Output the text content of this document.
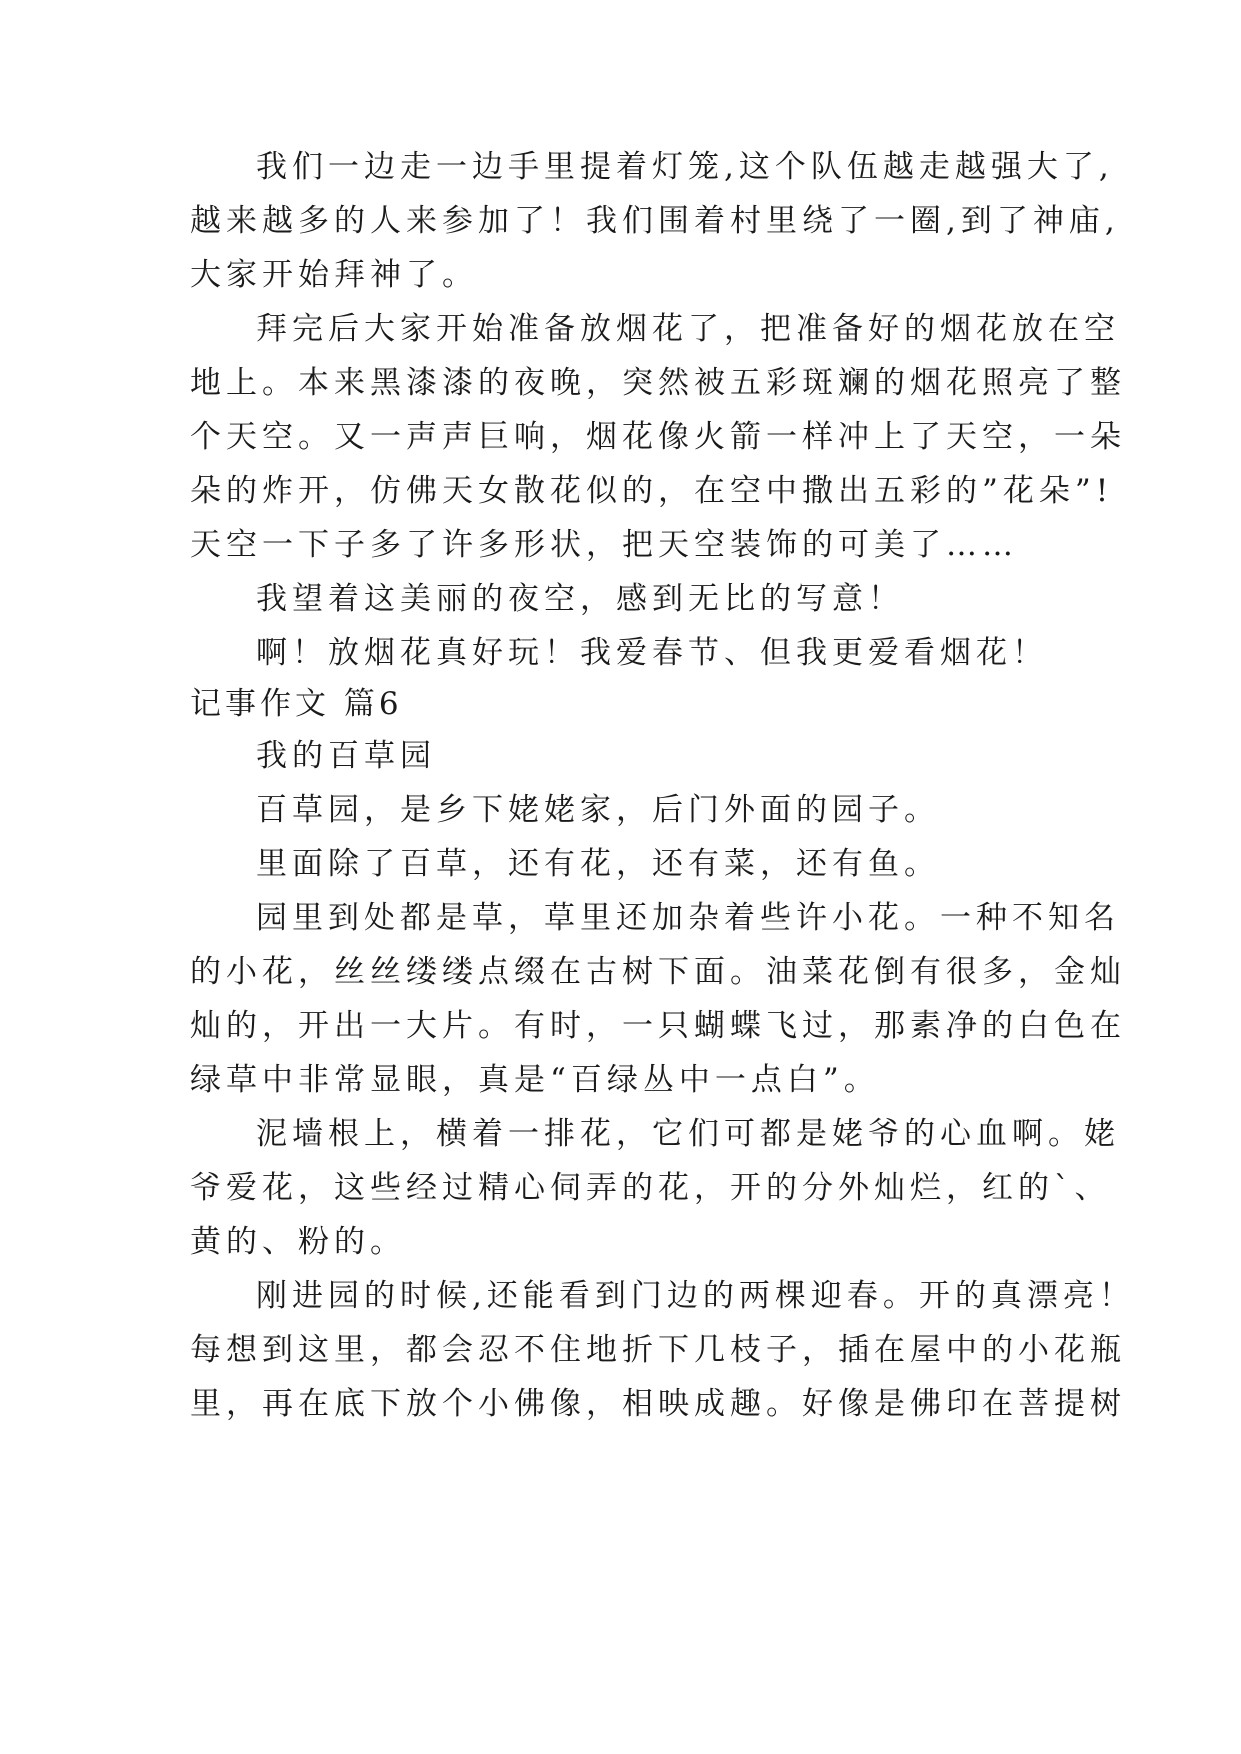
我们一边走一边手里提着灯笼,这个队伍越走越强大了,
越来越多的人来参加了！我们围着村里绕了一圈,到了神庙,
大家开始拜神了。
拜完后大家开始准备放烟花了，把准备好的烟花放在空
地上。本来黑漆漆的夜晚，突然被五彩斑斓的烟花照亮了整
个天空。又一声声巨响，烟花像火箭一样冲上了天空，一朵
朵的炸开，仿佛天女散花似的，在空中撒出五彩的”花朵”!
天空一下子多了许多形状，把天空装饰的可美了……
我望着这美丽的夜空，感到无比的写意！
啊！放烟花真好玩！我爱春节、但我更爱看烟花！
记事作文 篇6
我的百草园
百草园，是乡下姥姥家，后门外面的园子。
里面除了百草，还有花，还有菜，还有鱼。
园里到处都是草，草里还加杂着些许小花。一种不知名
的小花，丝丝缕缕点缀在古树下面。油菜花倒有很多，金灿
灿的，开出一大片。有时，一只蝴蝶飞过，那素净的白色在
绿草中非常显眼，真是“百绿丛中一点白”。
泥墙根上，横着一排花，它们可都是姥爷的心血啊。姥
爷爱花，这些经过精心伺弄的花，开的分外灿烂，红的`、
黄的、粉的。
刚进园的时候,还能看到门边的两棵迎春。开的真漂亮！
每想到这里，都会忍不住地折下几枝子，插在屋中的小花瓶
里，再在底下放个小佛像，相映成趣。好像是佛印在菩提树
